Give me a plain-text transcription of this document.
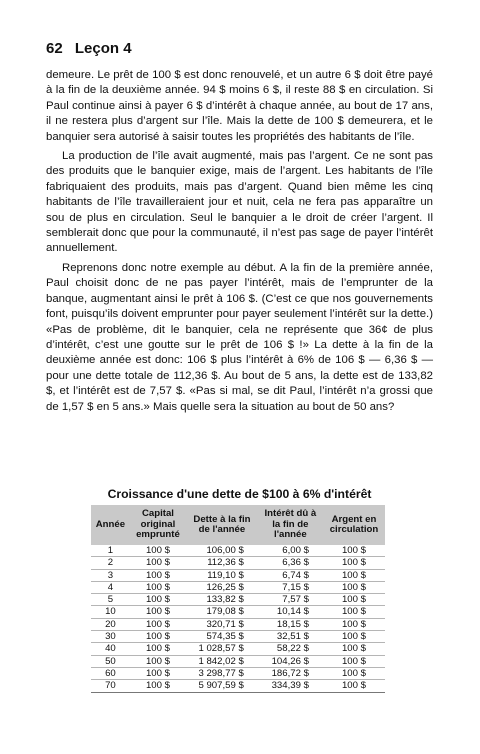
62 Leçon 4

demeure. Le prêt de 100 $ est donc renouvelé, et un autre 6 $ doit être payé à la fin de la deuxième année. 94 $ moins 6 $, il reste 88 $ en circulation. Si Paul continue ainsi à payer 6 $ d’intérêt à chaque année, au bout de 17 ans, il ne restera plus d’argent sur l’île. Mais la dette de 100 $ demeurera, et le banquier sera autorisé à saisir toutes les propriétés des habitants de l’île.

La production de l’île avait augmenté, mais pas l’argent. Ce ne sont pas des produits que le banquier exige, mais de l’argent. Les habitants de l’île fabriquaient des produits, mais pas d’argent. Quand bien même les cinq habitants de l’île travailleraient jour et nuit, cela ne fera pas apparaître un sou de plus en circulation. Seul le banquier a le droit de créer l’argent. Il semblerait donc que pour la communauté, il n’est pas sage de payer l’intérêt annuellement.

Reprenons donc notre exemple au début. A la fin de la première année, Paul choisit donc de ne pas payer l’intérêt, mais de l’emprunter de la banque, augmentant ainsi le prêt à 106 $. (C’est ce que nos gouvernements font, puisqu’ils doivent emprunter pour payer seulement l’intérêt sur la dette.) «Pas de problème, dit le banquier, cela ne représente que 36¢ de plus d’intérêt, c’est une goutte sur le prêt de 106 $ !» La dette à la fin de la deuxième année est donc: 106 $ plus l’intérêt à 6% de 106 $ — 6,36 $ — pour une dette totale de 112,36 $. Au bout de 5 ans, la dette est de 133,82 $, et l’intérêt est de 7,57 $. «Pas si mal, se dit Paul, l’intérêt n’a grossi que de 1,57 $ en 5 ans.» Mais quelle sera la situation au bout de 50 ans?

Croissance d'une dette de $100 à 6% d'intérêt
Année	Capital original emprunté	Dette à la fin de l'année	Intérêt dû à la fin de l'année	Argent en circulation
1	100 $	106,00 $	6,00 $	100 $
2	100 $	112,36 $	6,36 $	100 $
3	100 $	119,10 $	6,74 $	100 $
4	100 $	126,25 $	7,15 $	100 $
5	100 $	133,82 $	7,57 $	100 $
10	100 $	179,08 $	10,14 $	100 $
20	100 $	320,71 $	18,15 $	100 $
30	100 $	574,35 $	32,51 $	100 $
40	100 $	1 028,57 $	58,22 $	100 $
50	100 $	1 842,02 $	104,26 $	100 $
60	100 $	3 298,77 $	186,72 $	100 $
70	100 $	5 907,59 $	334,39 $	100 $
